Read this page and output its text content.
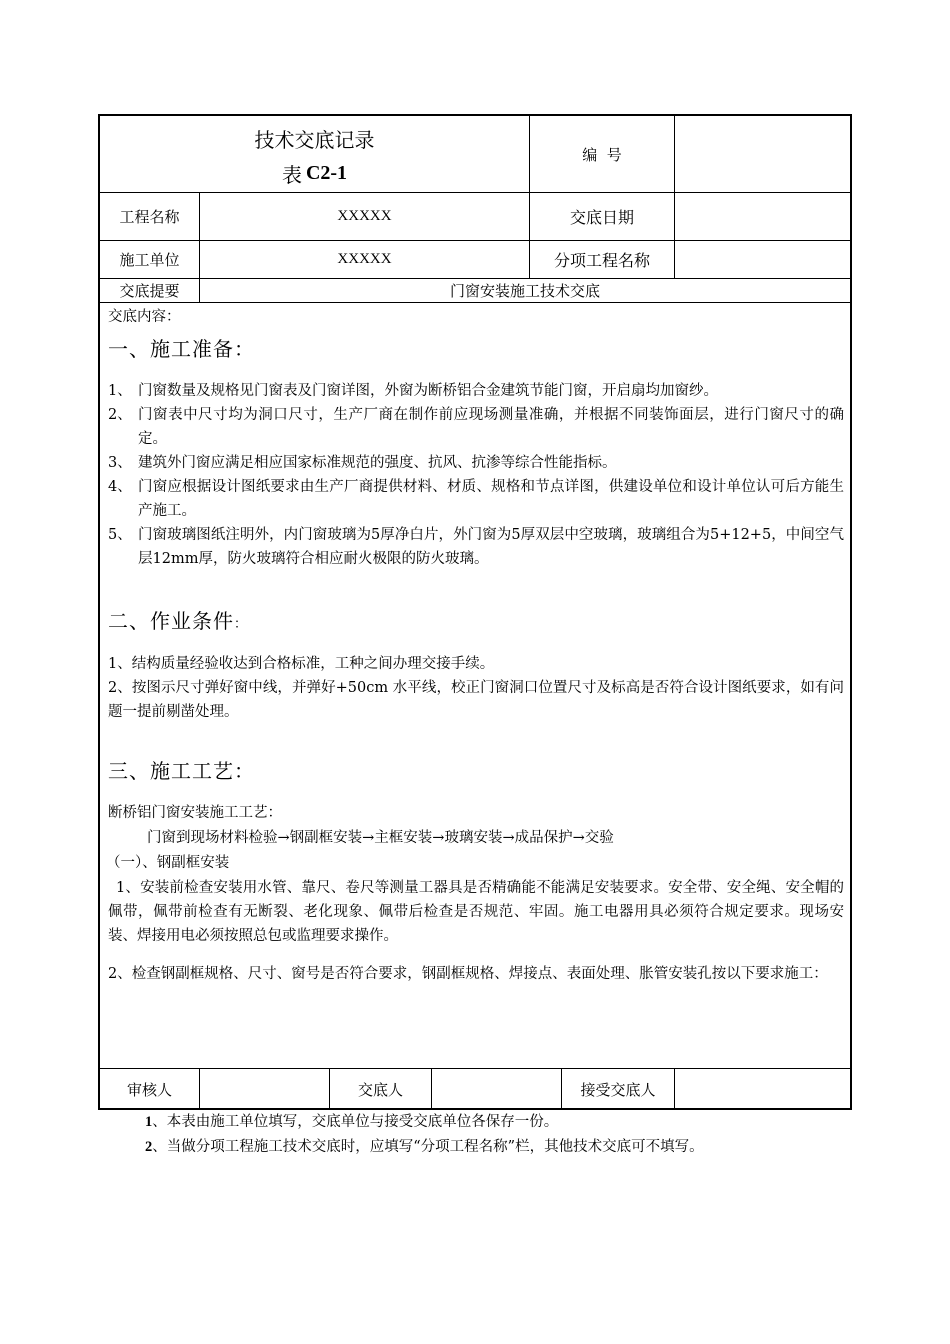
技术交底记录
表 C2-1
编  号
工程名称	XXXXX	交底日期
施工单位	XXXXX	分项工程名称
交底提要	门窗安装施工技术交底
审核人	交底人	接受交底人
交底内容：
一、施工准备：
1、 门窗数量及规格见门窗表及门窗详图，外窗为断桥铝合金建筑节能门窗，开启扇均加窗纱。
2、 门窗表中尺寸均为洞口尺寸，生产厂商在制作前应现场测量准确，并根据不同装饰面层，进行门窗尺寸的确定。
3、 建筑外门窗应满足相应国家标准规范的强度、抗风、抗渗等综合性能指标。
4、 门窗应根据设计图纸要求由生产厂商提供材料、材质、规格和节点详图，供建设单位和设计单位认可后方能生产施工。
5、 门窗玻璃图纸注明外，内门窗玻璃为5厚净白片，外门窗为5厚双层中空玻璃，玻璃组合为5+12+5，中间空气层12mm厚，防火玻璃符合相应耐火极限的防火玻璃。
二、作业条件：
1、结构质量经验收达到合格标准，工种之间办理交接手续。
2、按图示尺寸弹好窗中线，并弹好+50cm 水平线，校正门窗洞口位置尺寸及标高是否符合设计图纸要求，如有问题一提前剔凿处理。
三、施工工艺：
断桥铝门窗安装施工工艺：
门窗到现场材料检验→钢副框安装→主框安装→玻璃安装→成品保护→交验
（一）、钢副框安装
1、安装前检查安装用水管、靠尺、卷尺等测量工器具是否精确能不能满足安装要求。安全带、安全绳、安全帽的佩带，佩带前检查有无断裂、老化现象、佩带后检查是否规范、牢固。施工电器用具必须符合规定要求。现场安装、焊接用电必须按照总包或监理要求操作。
2、检查钢副框规格、尺寸、窗号是否符合要求，钢副框规格、焊接点、表面处理、胀管安装孔按以下要求施工：
1、本表由施工单位填写，交底单位与接受交底单位各保存一份。
2、当做分项工程施工技术交底时，应填写“分项工程名称”栏，其他技术交底可不填写。
